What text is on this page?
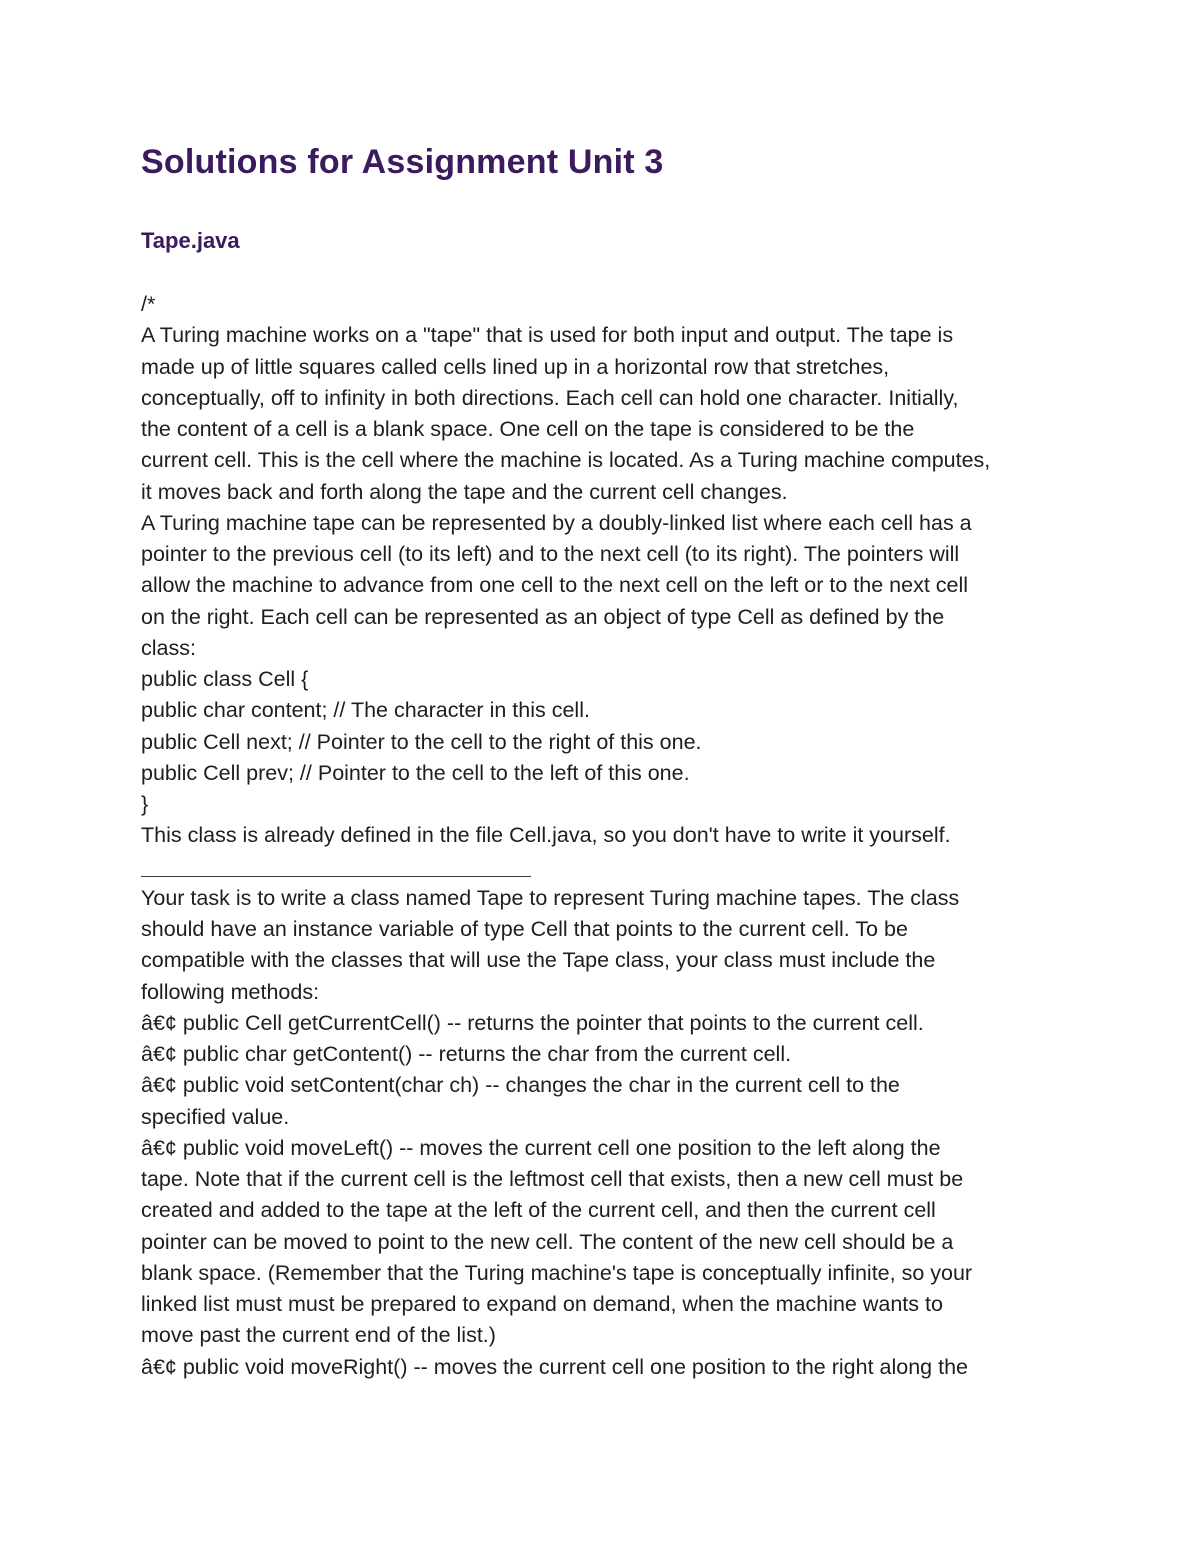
Solutions for Assignment Unit 3
Tape.java
/*
A Turing machine works on a "tape" that is used for both input and output. The tape is
made up of little squares called cells lined up in a horizontal row that stretches,
conceptually, off to infinity in both directions. Each cell can hold one character. Initially,
the content of a cell is a blank space. One cell on the tape is considered to be the
current cell. This is the cell where the machine is located. As a Turing machine computes,
it moves back and forth along the tape and the current cell changes.
A Turing machine tape can be represented by a doubly-linked list where each cell has a
pointer to the previous cell (to its left) and to the next cell (to its right). The pointers will
allow the machine to advance from one cell to the next cell on the left or to the next cell
on the right. Each cell can be represented as an object of type Cell as defined by the
class:
public class Cell {
public char content; // The character in this cell.
public Cell next; // Pointer to the cell to the right of this one.
public Cell prev; // Pointer to the cell to the left of this one.
}
This class is already defined in the file Cell.java, so you don't have to write it yourself.
Your task is to write a class named Tape to represent Turing machine tapes. The class
should have an instance variable of type Cell that points to the current cell. To be
compatible with the classes that will use the Tape class, your class must include the
following methods:
â€¢ public Cell getCurrentCell() -- returns the pointer that points to the current cell.
â€¢ public char getContent() -- returns the char from the current cell.
â€¢ public void setContent(char ch) -- changes the char in the current cell to the
specified value.
â€¢ public void moveLeft() -- moves the current cell one position to the left along the
tape. Note that if the current cell is the leftmost cell that exists, then a new cell must be
created and added to the tape at the left of the current cell, and then the current cell
pointer can be moved to point to the new cell. The content of the new cell should be a
blank space. (Remember that the Turing machine's tape is conceptually infinite, so your
linked list must must be prepared to expand on demand, when the machine wants to
move past the current end of the list.)
â€¢ public void moveRight() -- moves the current cell one position to the right along the
